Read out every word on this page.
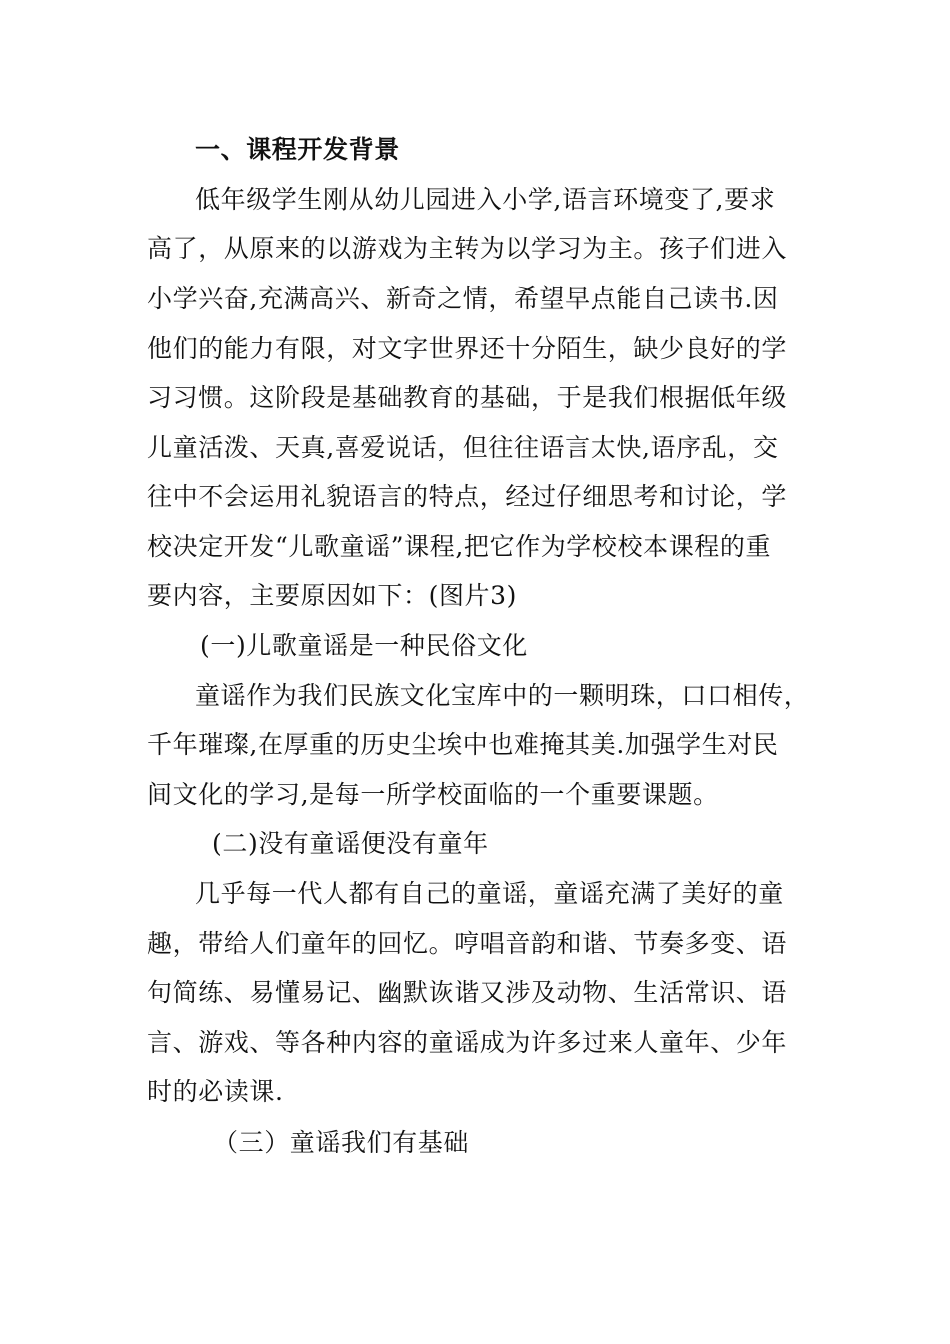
一、课程开发背景
低年级学生刚从幼儿园进入小学,语言环境变了,要求
高了，从原来的以游戏为主转为以学习为主。孩子们进入
小学兴奋,充满高兴、新奇之情，希望早点能自己读书.因
他们的能力有限，对文字世界还十分陌生，缺少良好的学
习习惯。这阶段是基础教育的基础，于是我们根据低年级
儿童活泼、天真,喜爱说话，但往往语言太快,语序乱，交
往中不会运用礼貌语言的特点，经过仔细思考和讨论，学
校决定开发“儿歌童谣”课程,把它作为学校校本课程的重
要内容，主要原因如下：(图片3)
(一)儿歌童谣是一种民俗文化
童谣作为我们民族文化宝库中的一颗明珠，口口相传，
千年璀璨,在厚重的历史尘埃中也难掩其美.加强学生对民
间文化的学习,是每一所学校面临的一个重要课题。
(二)没有童谣便没有童年
几乎每一代人都有自己的童谣，童谣充满了美好的童
趣，带给人们童年的回忆。哼唱音韵和谐、节奏多变、语
句简练、易懂易记、幽默诙谐又涉及动物、生活常识、语
言、游戏、等各种内容的童谣成为许多过来人童年、少年
时的必读课.
（三）童谣我们有基础
